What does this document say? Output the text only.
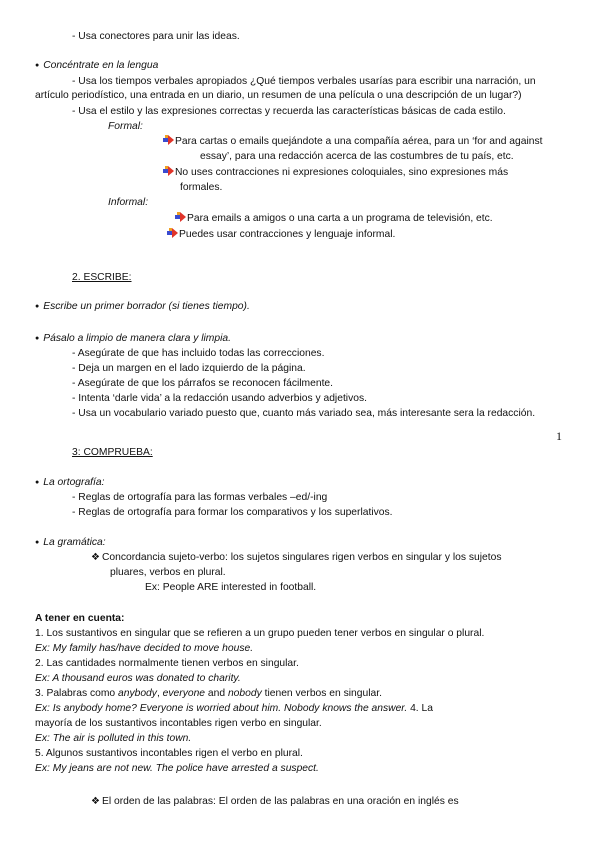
- Usa conectores para unir las ideas.
● Concéntrate en la lengua
- Usa los tiempos verbales apropiados ¿Qué tiempos verbales usarías para escribir una narración, un
artículo periodístico, una entrada en un diario, un resumen de una película o una descripción de un lugar?)
- Usa el estilo y las expresiones correctas y recuerda las características básicas de cada estilo.
Formal:
Para cartas o emails quejándote a una compañía aérea, para un ‘for and against
essay’, para una redacción acerca de las costumbres de tu país, etc.
No uses contracciones ni expresiones coloquiales, sino expresiones más
formales.
Informal:
Para emails a amigos o una carta a un programa de televisión, etc.
Puedes usar contracciones y lenguaje informal.
2. ESCRIBE:
● Escribe un primer borrador (si tienes tiempo).
● Pásalo a limpio de manera clara y limpia.
- Asegúrate de que has incluido todas las correcciones.
- Deja un margen en el lado izquierdo de la página.
- Asegúrate de que los párrafos se reconocen fácilmente.
- Intenta ‘darle vida’ a la redacción usando adverbios y adjetivos.
- Usa un vocabulario variado puesto que, cuanto más variado sea, más interesante sera la redacción.
1
3: COMPRUEBA:
● La ortografía:
- Reglas de ortografía para las formas verbales –ed/-ing
- Reglas de ortografía para formar los comparativos y los superlativos.
● La gramática:
❖ Concordancia sujeto-verbo: los sujetos singulares rigen verbos en singular y los sujetos
pluares, verbos en plural.
Ex: People ARE interested in football.
A tener en cuenta:
1. Los sustantivos en singular que se refieren a un grupo pueden tener verbos en singular o plural.
Ex: My family has/have decided to move house.
2. Las cantidades normalmente tienen verbos en singular.
Ex: A thousand euros was donated to charity.
3. Palabras como anybody, everyone and nobody tienen verbos en singular.
Ex: Is anybody home? Everyone is worried about him. Nobody knows the answer. 4. La
mayoría de los sustantivos incontables rigen verbo en singular.
Ex: The air is polluted in this town.
5. Algunos sustantivos incontables rigen el verbo en plural.
Ex: My jeans are not new. The police have arrested a suspect.
❖ El orden de las palabras: El orden de las palabras en una oración en inglés es
